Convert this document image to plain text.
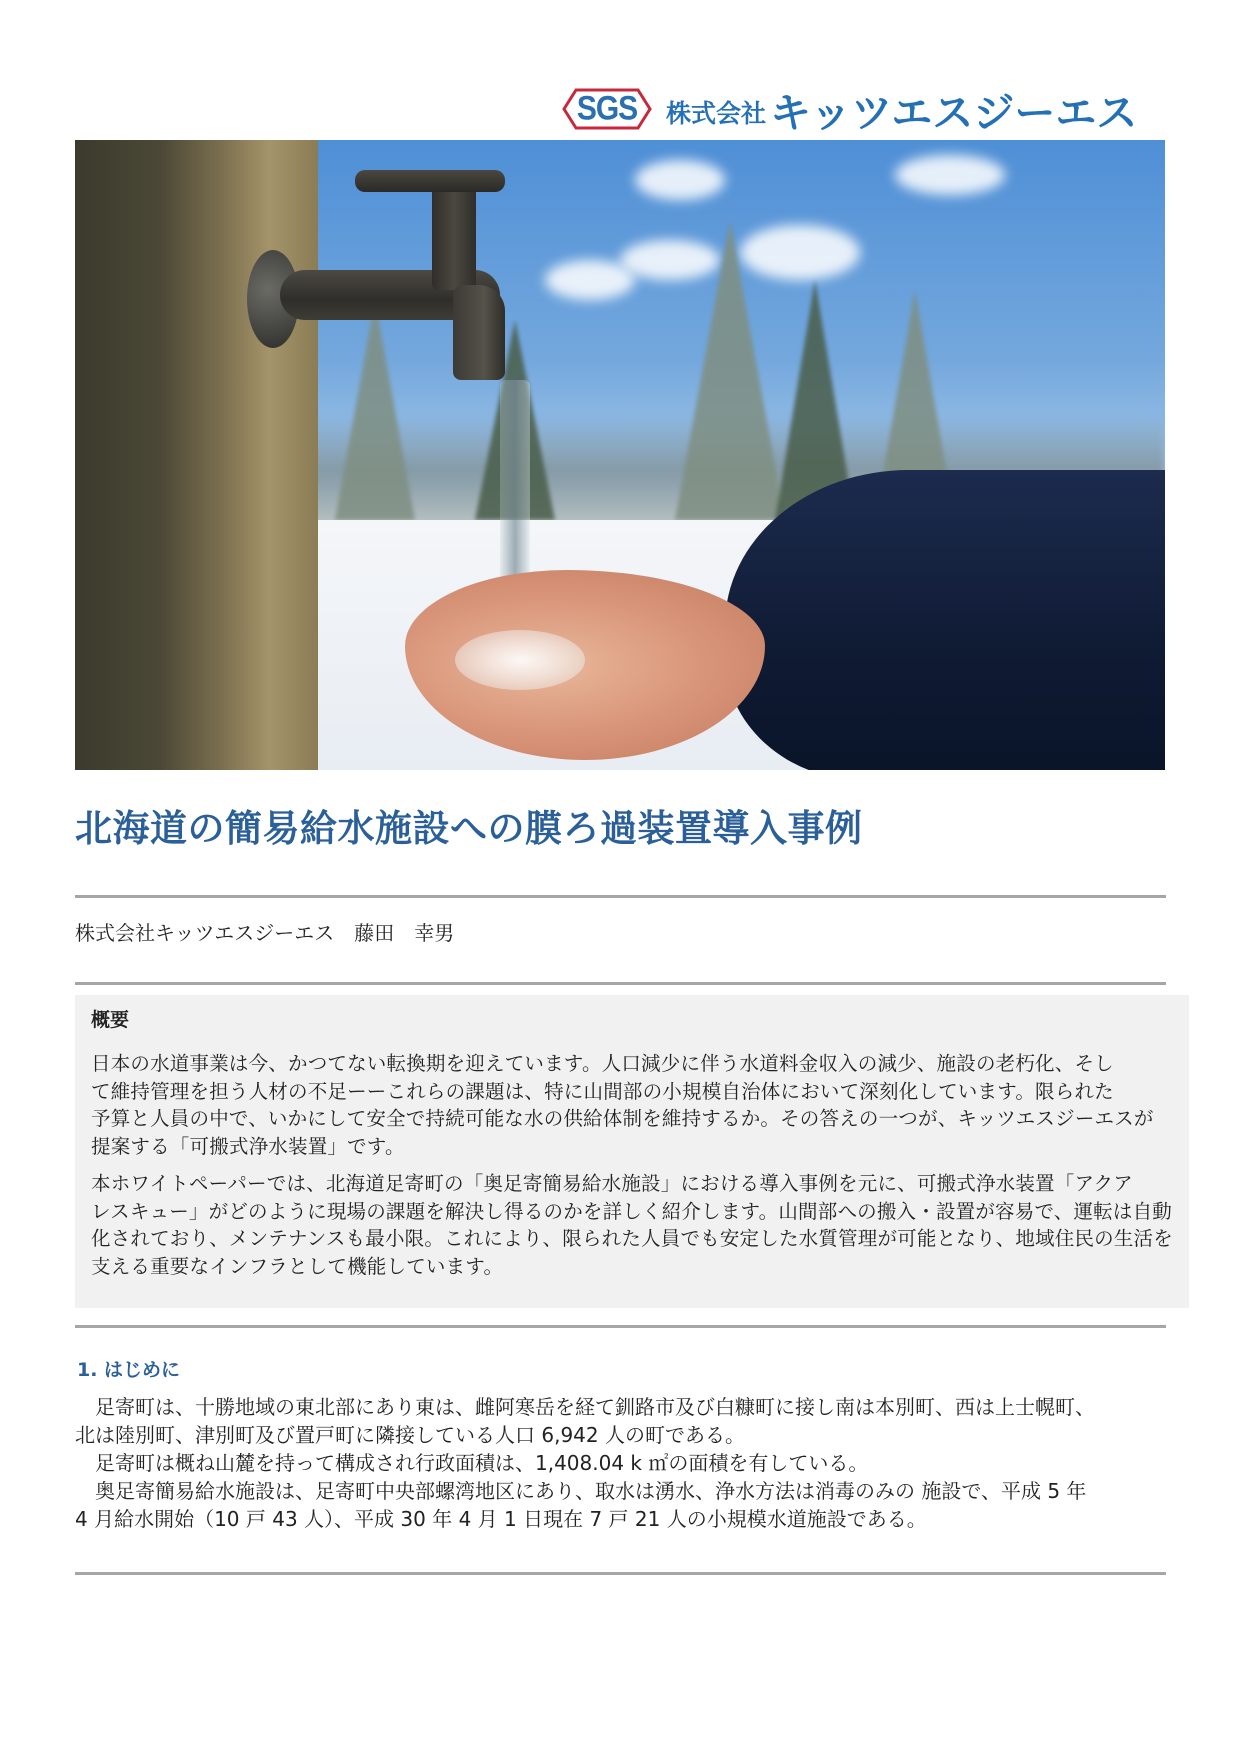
SGS	株式会社 キッツエスジーエス
北海道の簡易給水施設への膜ろ過装置導入事例
株式会社キッツエスジーエス　藤田　幸男
概要

日本の水道事業は今、かつてない転換期を迎えています。人口減少に伴う水道料金収入の減少、施設の老朽化、そし
て維持管理を担う人材の不足ーーこれらの課題は、特に山間部の小規模自治体において深刻化しています。限られた
予算と人員の中で、いかにして安全で持続可能な水の供給体制を維持するか。その答えの一つが、キッツエスジーエスが
提案する「可搬式浄水装置」です。

本ホワイトペーパーでは、北海道足寄町の「奥足寄簡易給水施設」における導入事例を元に、可搬式浄水装置「アクア
レスキュー」がどのように現場の課題を解決し得るのかを詳しく紹介します。山間部への搬入・設置が容易で、運転は自動
化されており、メンテナンスも最小限。これにより、限られた人員でも安定した水質管理が可能となり、地域住民の生活を
支える重要なインフラとして機能しています。

1. はじめに
　足寄町は、十勝地域の東北部にあり東は、雌阿寒岳を経て釧路市及び白糠町に接し南は本別町、西は上士幌町、
北は陸別町、津別町及び置戸町に隣接している人口 6,942 人の町である。
　足寄町は概ね山麓を持って構成され行政面積は、1,408.04 k ㎡の面積を有している。
　奥足寄簡易給水施設は、足寄町中央部螺湾地区にあり、取水は湧水、浄水方法は消毒のみの 施設で、平成 5 年
4 月給水開始（10 戸 43 人）、平成 30 年 4 月 1 日現在 7 戸 21 人の小規模水道施設である。
